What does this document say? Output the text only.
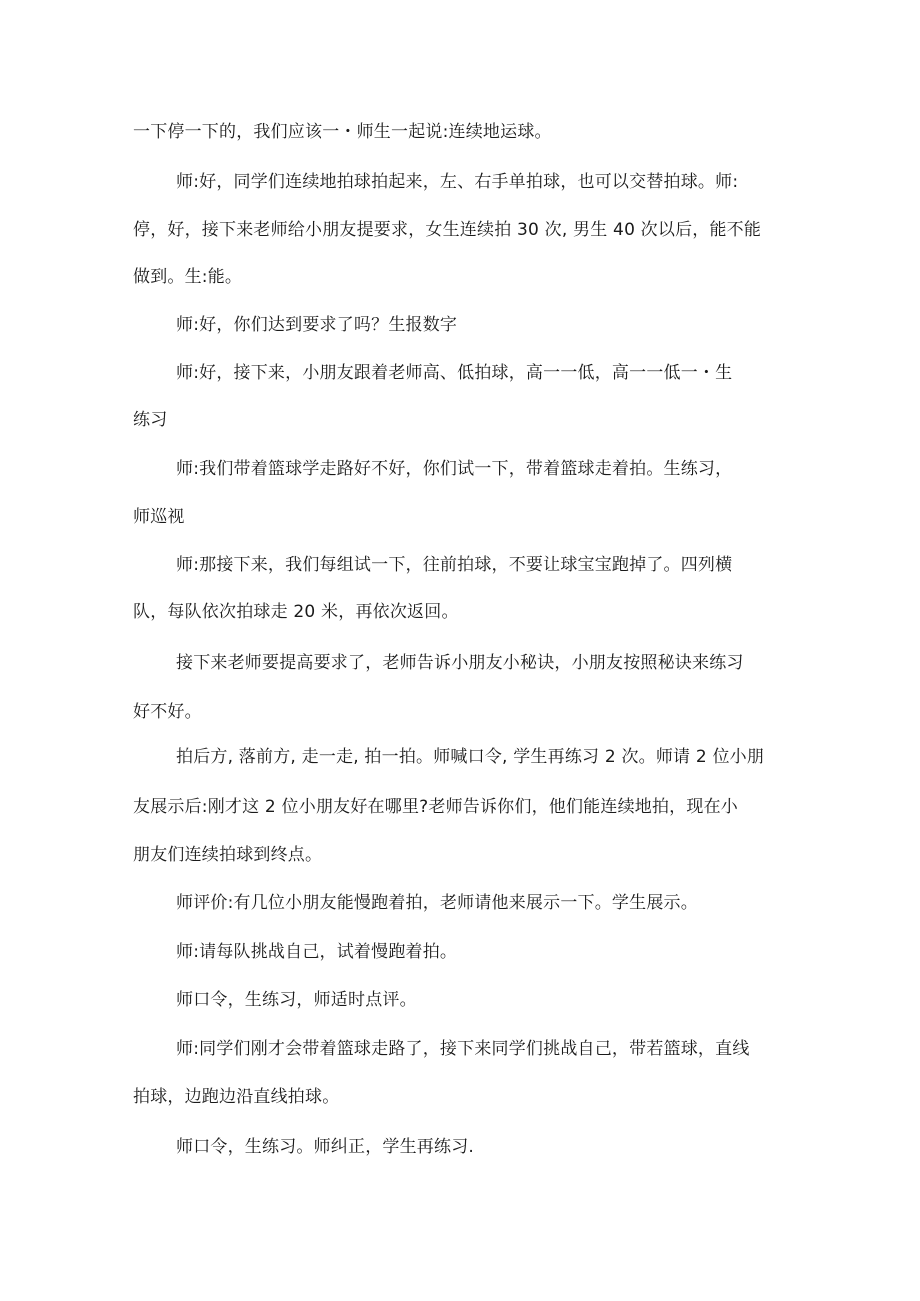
一下停一下的，我们应该一・师生一起说:连续地运球。
师:好，同学们连续地拍球拍起来，左、右手单拍球，也可以交替拍球。师:
停，好，接下来老师给小朋友提要求，女生连续拍 30 次, 男生 40 次以后，能不能
做到。生:能。
师:好，你们达到要求了吗？生报数字
师:好，接下来，小朋友跟着老师高、低拍球，高一一低，高一一低一・生
练习
师:我们带着篮球学走路好不好，你们试一下，带着篮球走着拍。生练习，
师巡视
师:那接下来，我们每组试一下，往前拍球，不要让球宝宝跑掉了。四列横
队，每队依次拍球走 20 米，再依次返回。
接下来老师要提高要求了，老师告诉小朋友小秘诀，小朋友按照秘诀来练习
好不好。
拍后方, 落前方, 走一走, 拍一拍。师喊口令, 学生再练习 2 次。师请 2 位小朋
友展示后:刚才这 2 位小朋友好在哪里?老师告诉你们，他们能连续地拍，现在小
朋友们连续拍球到终点。
师评价:有几位小朋友能慢跑着拍，老师请他来展示一下。学生展示。
师:请每队挑战自己，试着慢跑着拍。
师口令，生练习，师适时点评。
师:同学们刚才会带着篮球走路了，接下来同学们挑战自己，带若篮球，直线
拍球，边跑边沿直线拍球。
师口令，生练习。师纠正，学生再练习.
